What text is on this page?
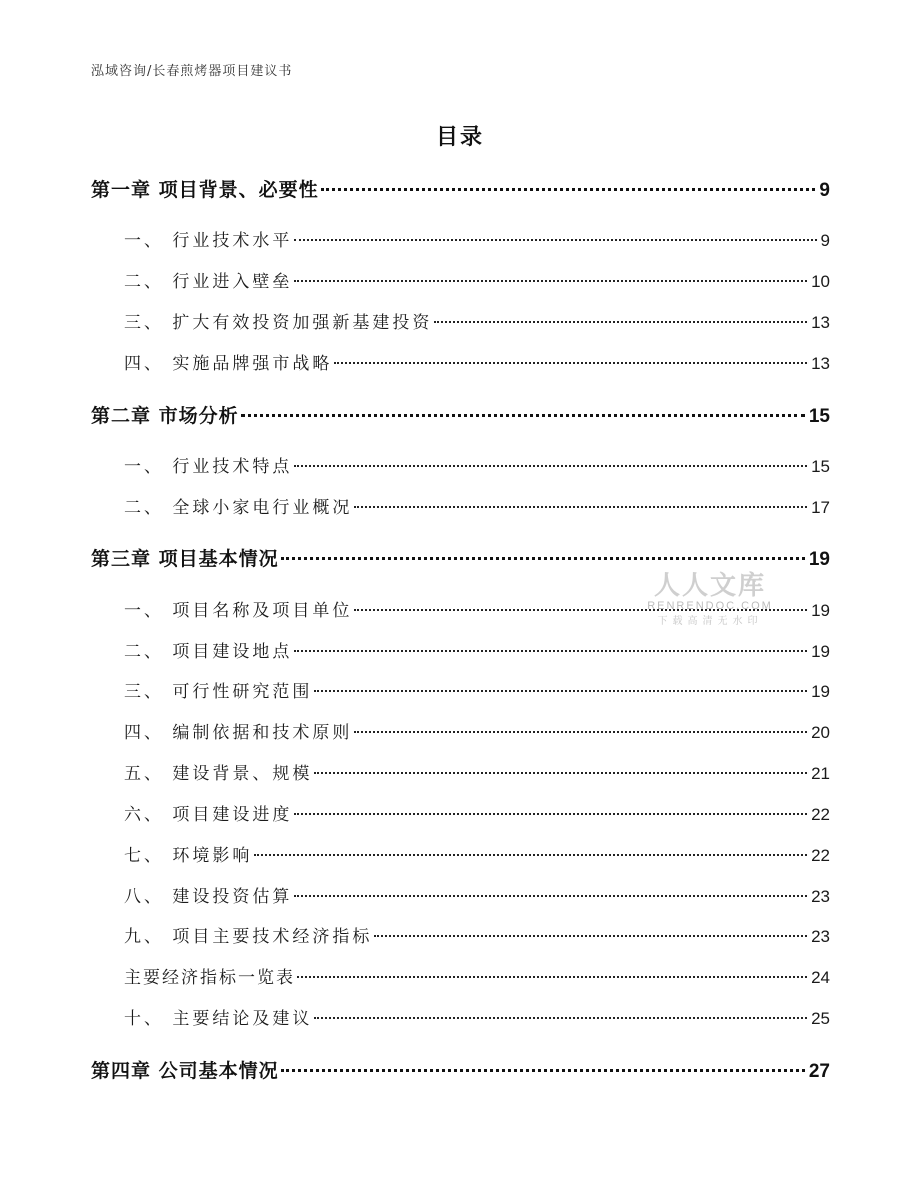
泓域咨询/长春煎烤器项目建议书
目录
第一章 项目背景、必要性	9
一、 行业技术水平	9
二、 行业进入壁垒	10
三、 扩大有效投资加强新基建投资	13
四、 实施品牌强市战略	13
第二章 市场分析	15
一、 行业技术特点	15
二、 全球小家电行业概况	17
第三章 项目基本情况	19
一、 项目名称及项目单位	19
二、 项目建设地点	19
三、 可行性研究范围	19
四、 编制依据和技术原则	20
五、 建设背景、规模	21
六、 项目建设进度	22
七、 环境影响	22
八、 建设投资估算	23
九、 项目主要技术经济指标	23
主要经济指标一览表	24
十、 主要结论及建议	25
第四章 公司基本情况	27
人人文库
RENRENDOC.COM
下载高清无水印
